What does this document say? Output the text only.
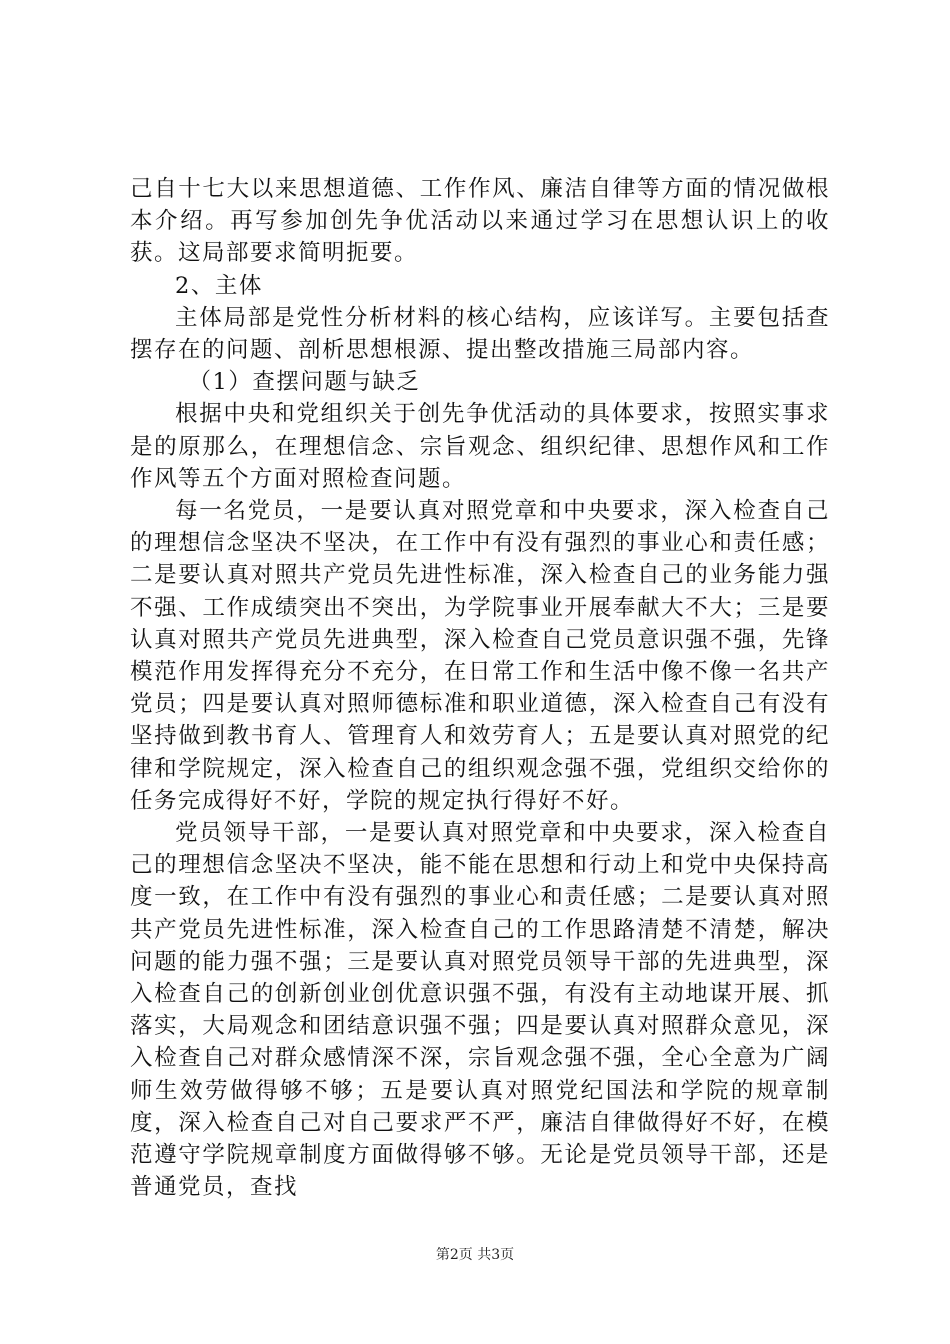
己自十七大以来思想道德、工作作风、廉洁自律等方面的情况做根本介绍。再写参加创先争优活动以来通过学习在思想认识上的收获。这局部要求简明扼要。

2、主体

主体局部是党性分析材料的核心结构，应该详写。主要包括查摆存在的问题、剖析思想根源、提出整改措施三局部内容。

（1）查摆问题与缺乏

根据中央和党组织关于创先争优活动的具体要求，按照实事求是的原那么，在理想信念、宗旨观念、组织纪律、思想作风和工作作风等五个方面对照检查问题。

每一名党员，一是要认真对照党章和中央要求，深入检查自己的理想信念坚决不坚决，在工作中有没有强烈的事业心和责任感；二是要认真对照共产党员先进性标准，深入检查自己的业务能力强不强、工作成绩突出不突出，为学院事业开展奉献大不大；三是要认真对照共产党员先进典型，深入检查自己党员意识强不强，先锋模范作用发挥得充分不充分，在日常工作和生活中像不像一名共产党员；四是要认真对照师德标准和职业道德，深入检查自己有没有坚持做到教书育人、管理育人和效劳育人；五是要认真对照党的纪律和学院规定，深入检查自己的组织观念强不强，党组织交给你的任务完成得好不好，学院的规定执行得好不好。

党员领导干部，一是要认真对照党章和中央要求，深入检查自己的理想信念坚决不坚决，能不能在思想和行动上和党中央保持高度一致，在工作中有没有强烈的事业心和责任感；二是要认真对照共产党员先进性标准，深入检查自己的工作思路清楚不清楚，解决问题的能力强不强；三是要认真对照党员领导干部的先进典型，深入检查自己的创新创业创优意识强不强，有没有主动地谋开展、抓落实，大局观念和团结意识强不强；四是要认真对照群众意见，深入检查自己对群众感情深不深，宗旨观念强不强，全心全意为广阔师生效劳做得够不够；五是要认真对照党纪国法和学院的规章制度，深入检查自己对自己要求严不严，廉洁自律做得好不好，在模范遵守学院规章制度方面做得够不够。无论是党员领导干部，还是普通党员，查找

第2页 共3页
